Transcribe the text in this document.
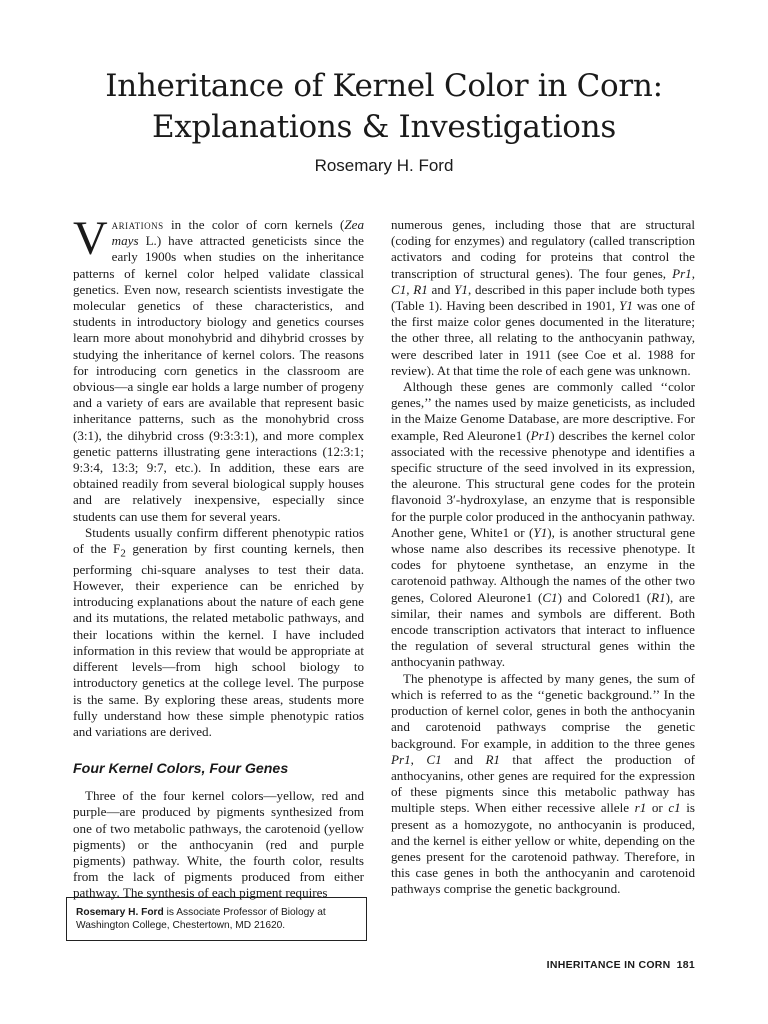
Inheritance of Kernel Color in Corn:
Explanations & Investigations
Rosemary H. Ford

Variations in the color of corn kernels (Zea mays L.) have attracted geneticists since the early 1900s when studies on the inheritance patterns of kernel color helped validate classical genetics. Even now, research scientists investigate the molecular genetics of these characteristics, and students in introductory biology and genetics courses learn more about monohybrid and dihybrid crosses by studying the inheritance of kernel colors. The reasons for introducing corn genetics in the classroom are obvious—a single ear holds a large number of progeny and a variety of ears are available that represent basic inheritance patterns, such as the monohybrid cross (3:1), the dihybrid cross (9:3:3:1), and more complex genetic patterns illustrating gene interactions (12:3:1; 9:3:4, 13:3; 9:7, etc.). In addition, these ears are obtained readily from several biological supply houses and are relatively inexpensive, especially since students can use them for several years.

Students usually confirm different phenotypic ratios of the $F_2$ generation by first counting kernels, then performing chi-square analyses to test their data. However, their experience can be enriched by introducing explanations about the nature of each gene and its mutations, the related metabolic pathways, and their locations within the kernel. I have included information in this review that would be appropriate at different levels—from high school biology to introductory genetics at the college level. The purpose is the same. By exploring these areas, students more fully understand how these simple phenotypic ratios and variations are derived.

Four Kernel Colors, Four Genes

Three of the four kernel colors—yellow, red and purple—are produced by pigments synthesized from one of two metabolic pathways, the carotenoid (yellow pigments) or the anthocyanin (red and purple pigments) pathway. White, the fourth color, results from the lack of pigments produced from either pathway. The synthesis of each pigment requires

numerous genes, including those that are structural (coding for enzymes) and regulatory (called transcription activators and coding for proteins that control the transcription of structural genes). The four genes, Pr1, C1, R1 and Y1, described in this paper include both types (Table 1). Having been described in 1901, Y1 was one of the first maize color genes documented in the literature; the other three, all relating to the anthocyanin pathway, were described later in 1911 (see Coe et al. 1988 for review). At that time the role of each gene was unknown.

Although these genes are commonly called ‘‘color genes,’’ the names used by maize geneticists, as included in the Maize Genome Database, are more descriptive. For example, Red Aleurone1 (Pr1) describes the kernel color associated with the recessive phenotype and identifies a specific structure of the seed involved in its expression, the aleurone. This structural gene codes for the protein flavonoid 3′-hydroxylase, an enzyme that is responsible for the purple color produced in the anthocyanin pathway. Another gene, White1 or (Y1), is another structural gene whose name also describes its recessive phenotype. It codes for phytoene synthetase, an enzyme in the carotenoid pathway. Although the names of the other two genes, Colored Aleurone1 (C1) and Colored1 (R1), are similar, their names and symbols are different. Both encode transcription activators that interact to influence the regulation of several structural genes within the anthocyanin pathway.

The phenotype is affected by many genes, the sum of which is referred to as the ‘‘genetic background.’’ In the production of kernel color, genes in both the anthocyanin and carotenoid pathways comprise the genetic background. For example, in addition to the three genes Pr1, C1 and R1 that affect the production of anthocyanins, other genes are required for the expression of these pigments since this metabolic pathway has multiple steps. When either recessive allele r1 or c1 is present as a homozygote, no anthocyanin is produced, and the kernel is either yellow or white, depending on the genes present for the carotenoid pathway. Therefore, in this case genes in both the anthocyanin and carotenoid pathways comprise the genetic background.

Rosemary H. Ford is Associate Professor of Biology at Washington College, Chestertown, MD 21620.
INHERITANCE IN CORN 181
